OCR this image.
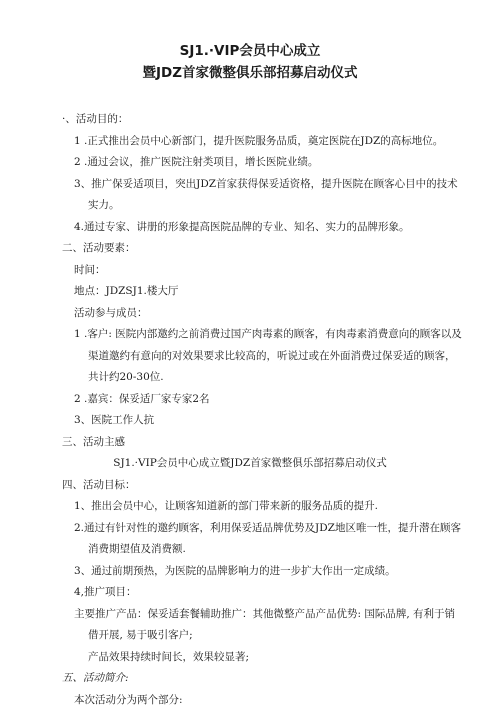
SJ1.·VIP会员中心成立
暨JDZ首家微整俱乐部招募启动仪式
·、活动目的：
1 .正式推出会员中心新部门，提升医院服务品质，奠定医院在JDZ的高标地位。
2 .通过会议，推广医院注射类项目，增长医院业绩。
3、推广保妥适项目，突出JDZ首家获得保妥适资格，提升医院在顾客心目中的技术
实力。
4.通过专家、讲册的形象提高医院品牌的专业、知名、实力的品牌形象。
二、活动要素：
时间：
地点：JDZSJ1.楼大厅
活动参与成员：
1 .客户: 医院内部邀约之前消费过国产肉毒素的顾客，有肉毒素消费意向的顾客以及
渠道邀约有意向的对效果要求比较高的，听说过或在外面消费过保妥适的顾客，
共计约20-30位.
2 .嘉宾：保妥适厂家专家2名
3、医院工作人抗
三、活动主感
SJ1.·VIP会员中心成立暨JDZ首家微整俱乐部招募启动仪式
四、活动目标：
1、推出会员中心，让顾客知道新的部门带来新的服务品质的提升.
2.通过有针对性的邀约顾客，利用保妥适品牌优势及JDZ地区唯一性，提升潜在顾客
消费期望值及消费额.
3、通过前期预热，为医院的品牌影响力的进一步扩大作出一定成绩。
4,推广项目：
主要推广产品：保妥适套餐辅助推广：其他微整产品产品优势: 国际品牌, 有利于销
借开展, 易于吸引客户;
产品效果持续时间长，效果较显著;
五、活动简介:
本次活动分为两个部分:
